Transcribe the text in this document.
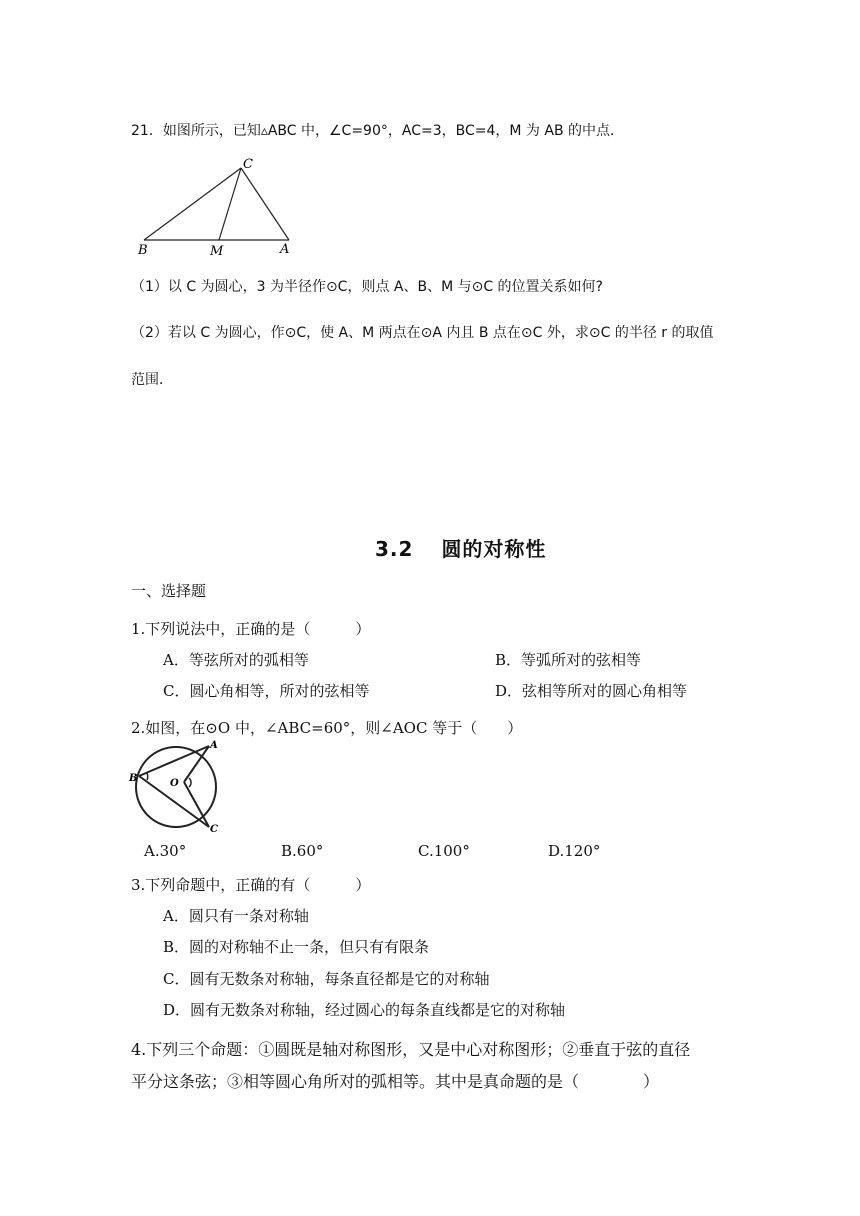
21．如图所示，已知▵ABC 中，∠C=90°，AC=3，BC=4，M 为 AB 的中点．
C
B	M	A
（1）以 C 为圆心，3 为半径作⊙C，则点 A、B、M 与⊙C 的位置关系如何?
（2）若以 C 为圆心，作⊙C，使 A、M 两点在⊙A 内且 B 点在⊙C 外，求⊙C 的半径 r 的取值
范围．
3.2 圆的对称性
一、选择题
1.下列说法中，正确的是（　　　）
A．等弦所对的弧相等	B．等弧所对的弦相等
C．圆心角相等，所对的弦相等	D．弦相等所对的圆心角相等
2.如图，在⊙O 中，∠ABC=60°，则∠AOC 等于（　　）
A
B
C
O
A.30°	B.60°	C.100°	D.120°
3.下列命题中，正确的有（　　　）
A．圆只有一条对称轴
B．圆的对称轴不止一条，但只有有限条
C．圆有无数条对称轴，每条直径都是它的对称轴
D．圆有无数条对称轴，经过圆心的每条直线都是它的对称轴
4.下列三个命题：①圆既是轴对称图形，又是中心对称图形；②垂直于弦的直径
平分这条弦；③相等圆心角所对的弧相等。其中是真命题的是（　　　　）
